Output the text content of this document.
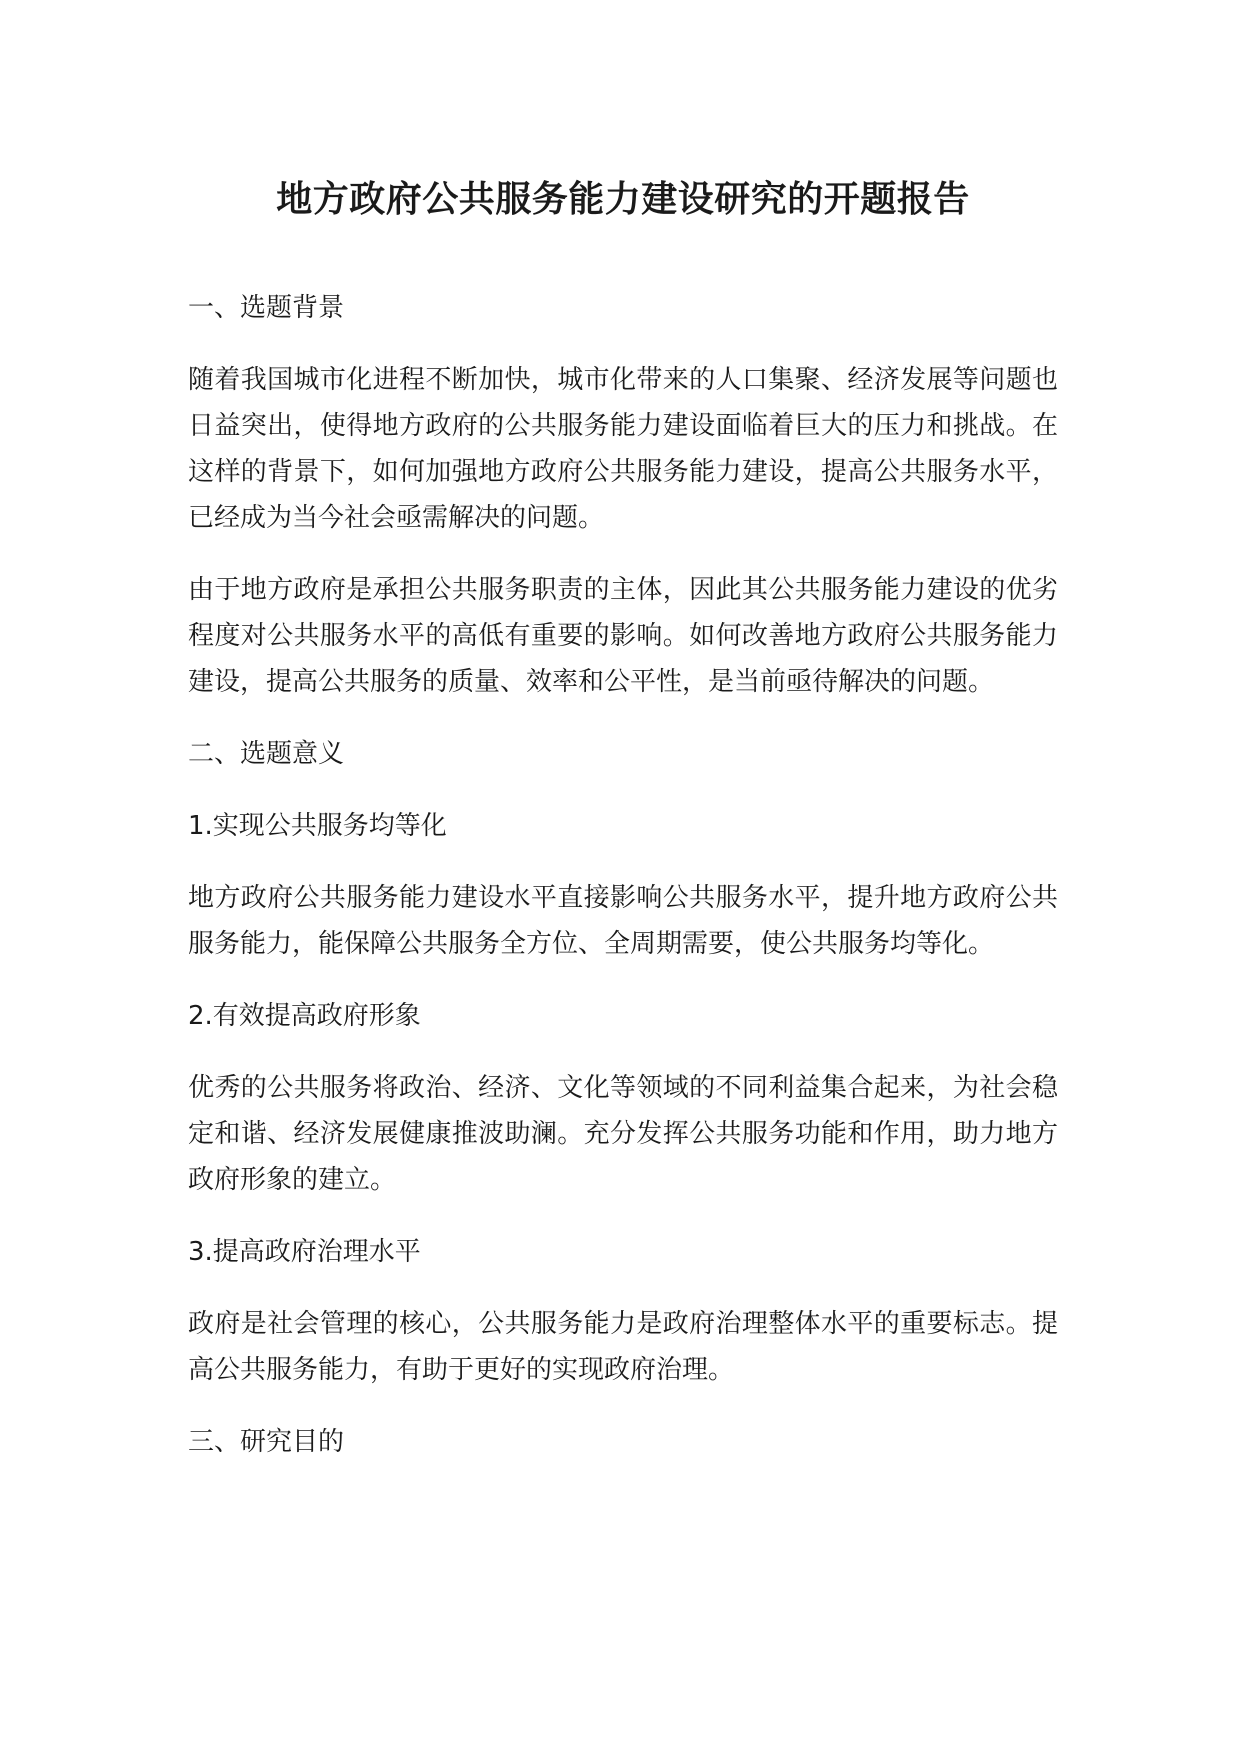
地方政府公共服务能力建设研究的开题报告
一、选题背景

随着我国城市化进程不断加快，城市化带来的人口集聚、经济发展等问题也日益突出，使得地方政府的公共服务能力建设面临着巨大的压力和挑战。在这样的背景下，如何加强地方政府公共服务能力建设，提高公共服务水平，已经成为当今社会亟需解决的问题。

由于地方政府是承担公共服务职责的主体，因此其公共服务能力建设的优劣程度对公共服务水平的高低有重要的影响。如何改善地方政府公共服务能力建设，提高公共服务的质量、效率和公平性，是当前亟待解决的问题。

二、选题意义
1.实现公共服务均等化

地方政府公共服务能力建设水平直接影响公共服务水平，提升地方政府公共服务能力，能保障公共服务全方位、全周期需要，使公共服务均等化。

2.有效提高政府形象

优秀的公共服务将政治、经济、文化等领域的不同利益集合起来，为社会稳定和谐、经济发展健康推波助澜。充分发挥公共服务功能和作用，助力地方政府形象的建立。

3.提高政府治理水平

政府是社会管理的核心，公共服务能力是政府治理整体水平的重要标志。提高公共服务能力，有助于更好的实现政府治理。

三、研究目的
